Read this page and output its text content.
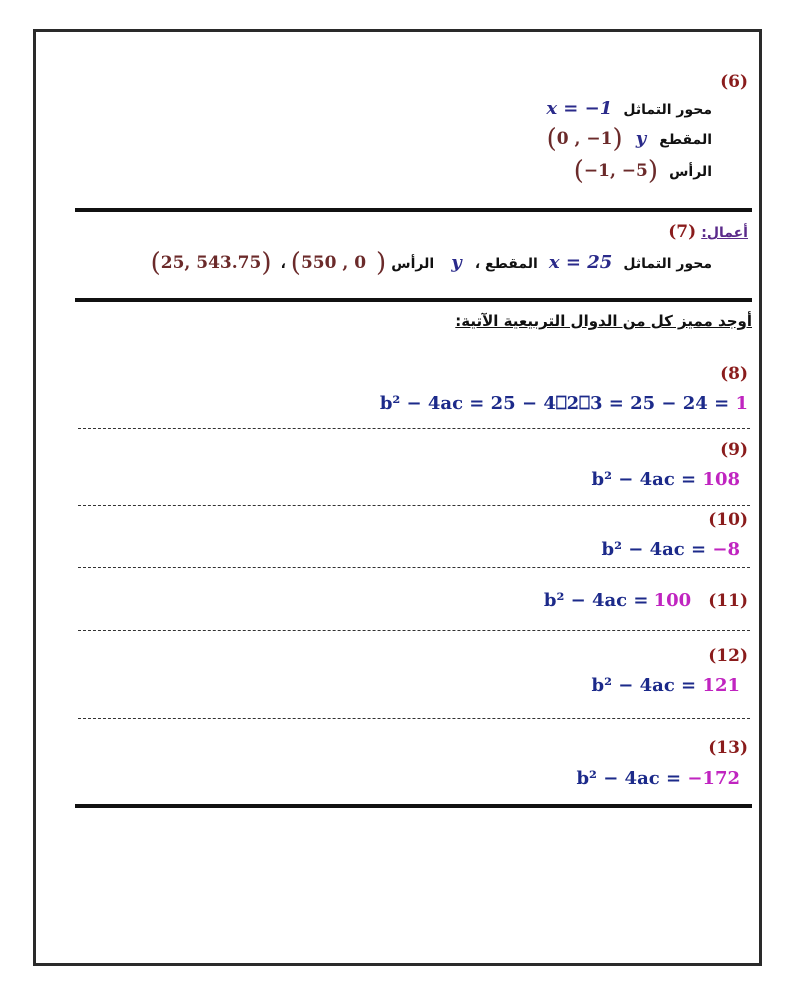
(6)
x = −1 محور التماثل
(0 , −1) y المقطع
(−1, −5) الرأس
أعمال: (7)
(25, 543.75) ، الرأس (0 , 550)	y ، المقطع x = 25 محور التماثل
أوجد مميز كل من الدوال التربيعية الآتية:
(8)
b² − 4ac = 25 − 4⎕2⎕3 = 25 − 24 = 1
(9)
b² − 4ac = 108
(10)
b² − 4ac = −8
b² − 4ac = 100 (11)
(12)
b² − 4ac = 121
(13)
b² − 4ac = −172
